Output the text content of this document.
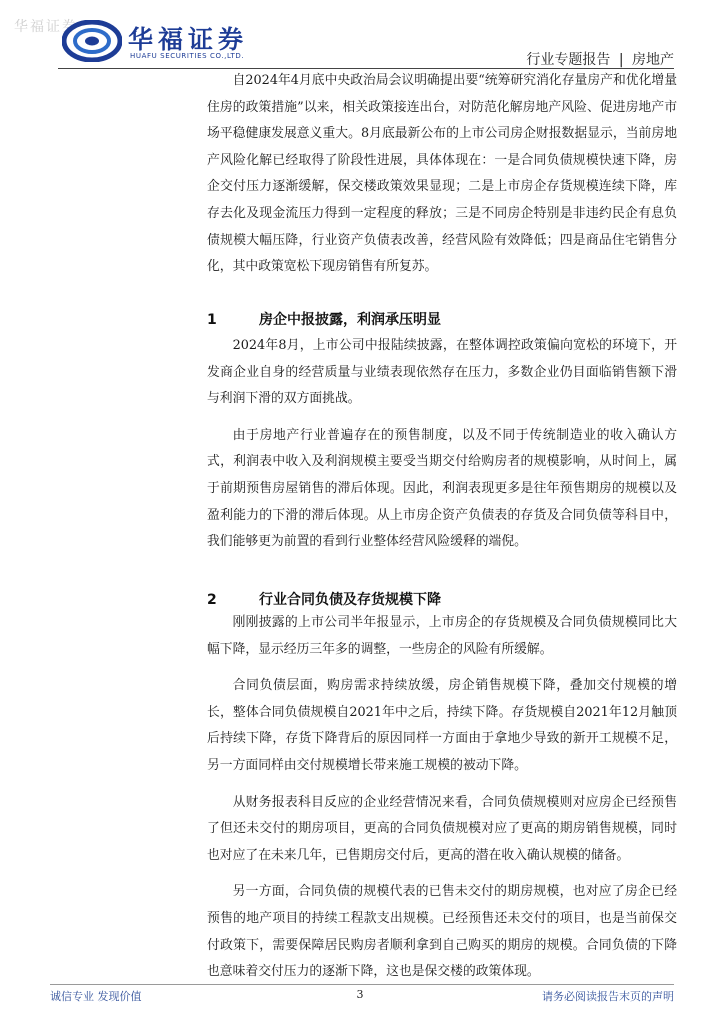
华福证券 华福证券
HUAFU SECURITIES CO.,LTD.	行业专题报告 | 房地产

自2024年4月底中央政治局会议明确提出要“统筹研究消化存量房产和优化增量住房的政策措施”以来，相关政策接连出台，对防范化解房地产风险、促进房地产市场平稳健康发展意义重大。8月底最新公布的上市公司房企财报数据显示，当前房地产风险化解已经取得了阶段性进展，具体体现在：一是合同负债规模快速下降，房企交付压力逐渐缓解，保交楼政策效果显现；二是上市房企存货规模连续下降，库存去化及现金流压力得到一定程度的释放；三是不同房企特别是非违约民企有息负债规模大幅压降，行业资产负债表改善，经营风险有效降低；四是商品住宅销售分化，其中政策宽松下现房销售有所复苏。

1	房企中报披露，利润承压明显

2024年8月，上市公司中报陆续披露，在整体调控政策偏向宽松的环境下，开发商企业自身的经营质量与业绩表现依然存在压力，多数企业仍目面临销售额下滑与利润下滑的双方面挑战。

由于房地产行业普遍存在的预售制度，以及不同于传统制造业的收入确认方式，利润表中收入及利润规模主要受当期交付给购房者的规模影响，从时间上，属于前期预售房屋销售的滞后体现。因此，利润表现更多是往年预售期房的规模以及盈利能力的下滑的滞后体现。从上市房企资产负债表的存货及合同负债等科目中，我们能够更为前置的看到行业整体经营风险缓释的端倪。

2	行业合同负债及存货规模下降

刚刚披露的上市公司半年报显示，上市房企的存货规模及合同负债规模同比大幅下降，显示经历三年多的调整，一些房企的风险有所缓解。

合同负债层面，购房需求持续放缓，房企销售规模下降，叠加交付规模的增长，整体合同负债规模自2021年中之后，持续下降。存货规模自2021年12月触顶后持续下降，存货下降背后的原因同样一方面由于拿地少导致的新开工规模不足，另一方面同样由交付规模增长带来施工规模的被动下降。

从财务报表科目反应的企业经营情况来看，合同负债规模则对应房企已经预售了但还未交付的期房项目，更高的合同负债规模对应了更高的期房销售规模，同时也对应了在未来几年，已售期房交付后，更高的潜在收入确认规模的储备。

另一方面，合同负债的规模代表的已售未交付的期房规模，也对应了房企已经预售的地产项目的持续工程款支出规模。已经预售还未交付的项目，也是当前保交付政策下，需要保障居民购房者顺利拿到自己购买的期房的规模。合同负债的下降也意味着交付压力的逐渐下降，这也是保交楼的政策体现。

诚信专业 发现价值	3	请务必阅读报告末页的声明
